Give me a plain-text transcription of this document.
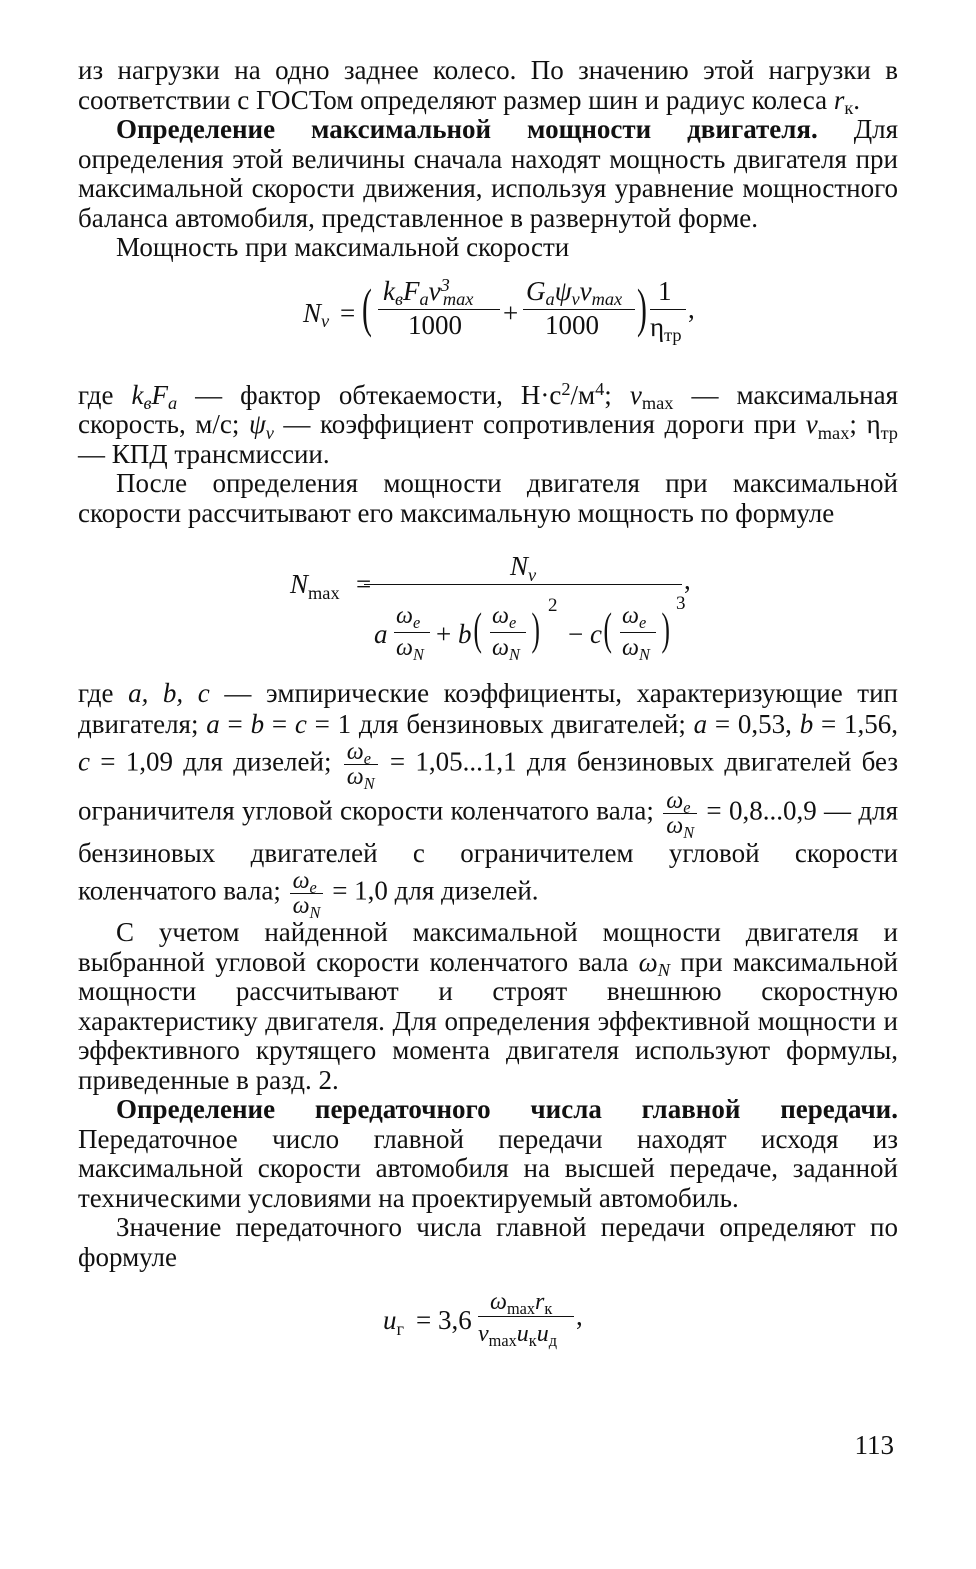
из нагрузки на одно заднее колесо. По значению этой нагрузки в соответствии с ГОСТом определяют размер шин и радиус колеса $r_к$.

Определение максимальной мощности двигателя. Для определения этой величины сначала находят мощность двигателя при максимальной скорости движения, используя уравнение мощностного баланса автомобиля, представленное в развернутой форме.

Мощность при максимальной скорости

$N_v$ = ( $k_вF_av^3_{max}$
1000 +
$G_a\psi_vv_{max}$
1000 ) 1
$\eta_{тр}$
,

где $k_вF_a$ — фактор обтекаемости, $Н\cdot с^2/м^4$; $v_{max}$ — максимальная скорость, м/с; $\psi_v$ — коэффициент сопротивления дороги при $v_{max}$; $\eta_{тр}$ — КПД трансмиссии.

После определения мощности двигателя при максимальной скорости рассчитывают его максимальную мощность по формуле

$N_{max}$ =
$N_v$
a
$\omega_e$
$\omega_N$
+ b ( $\omega_e$
$\omega_N$
) 2
− c ( $\omega_e$
$\omega_N$
) 3
,

где a, b, c — эмпирические коэффициенты, характеризующие тип двигателя; a = b = c = 1 для бензиновых двигателей; a = 0,53, b = 1,56, c = 1,09 для дизелей; $\frac{\omega_e}{\omega_N} = 1,05...1,1$ для бензиновых двигателей без ограничителя угловой скорости коленчатого вала; $\frac{\omega_e}{\omega_N} = 0,8...0,9$ — для бензиновых двигателей с ограничителем угловой скорости коленчатого вала; $\frac{\omega_e}{\omega_N} = 1,0$ для дизелей.

С учетом найденной максимальной мощности двигателя и выбранной угловой скорости коленчатого вала $\omega_N$ при максимальной мощности рассчитывают и строят внешнюю скоростную характеристику двигателя. Для определения эффективной мощности и эффективного крутящего момента двигателя используют формулы, приведенные в разд. 2.

Определение передаточного числа главной передачи. Передаточное число главной передачи находят исходя из максимальной скорости автомобиля на высшей передаче, заданной техническими условиями на проектируемый автомобиль.

Значение передаточного числа главной передачи определяют по формуле

$u_г = 3,6$
$\omega_{max}r_к$
$v_{max}u_кu_д$
,
113
